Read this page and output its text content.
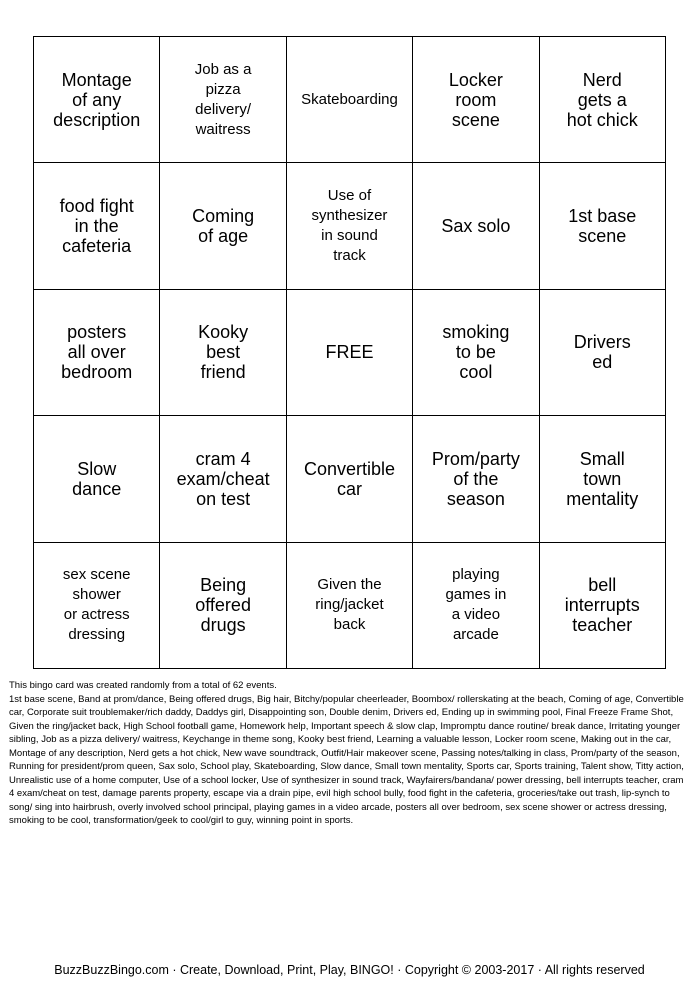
Montage
of any
description
Job as a
pizza
delivery/
waitress
Skateboarding
Locker
room
scene
Nerd
gets a
hot chick
food fight
in the
cafeteria
Coming
of age
Use of
synthesizer
in sound
track
Sax solo	1st base
scene
posters
all over
bedroom
Kooky
best
friend
FREE
smoking
to be
cool
Drivers
ed
Slow
dance
cram 4
exam/cheat
on test
Convertible
car
Prom/party
of the
season
Small
town
mentality
sex scene
shower
or actress
dressing
Being
offered
drugs
Given the
ring/jacket
back
playing
games in
a video
arcade
bell
interrupts
teacher

This bingo card was created randomly from a total of 62 events.

1st base scene, Band at prom/dance, Being offered drugs, Big hair, Bitchy/popular cheerleader, Boombox/ rollerskating at the beach, Coming of age, Convertible car, Corporate suit troublemaker/rich daddy, Daddys girl, Disappointing son, Double denim, Drivers ed, Ending up in swimming pool, Final Freeze Frame Shot, Given the ring/jacket back, High School football game, Homework help, Important speech & slow clap, Impromptu dance routine/ break dance, Irritating younger sibling, Job as a pizza delivery/ waitress, Keychange in theme song, Kooky best friend, Learning a valuable lesson, Locker room scene, Making out in the car, Montage of any description, Nerd gets a hot chick, New wave soundtrack, Outfit/Hair makeover scene, Passing notes/talking in class, Prom/party of the season, Running for president/prom queen, Sax solo, School play, Skateboarding, Slow dance, Small town mentality, Sports car, Sports training, Talent show, Titty action, Unrealistic use of a home computer, Use of a school locker, Use of synthesizer in sound track, Wayfairers/bandana/ power dressing, bell interrupts teacher, cram 4 exam/cheat on test, damage parents property, escape via a drain pipe, evil high school bully, food fight in the cafeteria, groceries/take out trash, lip-synch to song/ sing into hairbrush, overly involved school principal, playing games in a video arcade, posters all over bedroom, sex scene shower or actress dressing, smoking to be cool, transformation/geek to cool/girl to guy, winning point in sports.

BuzzBuzzBingo.com · Create, Download, Print, Play, BINGO! · Copyright © 2003-2017 · All rights reserved
